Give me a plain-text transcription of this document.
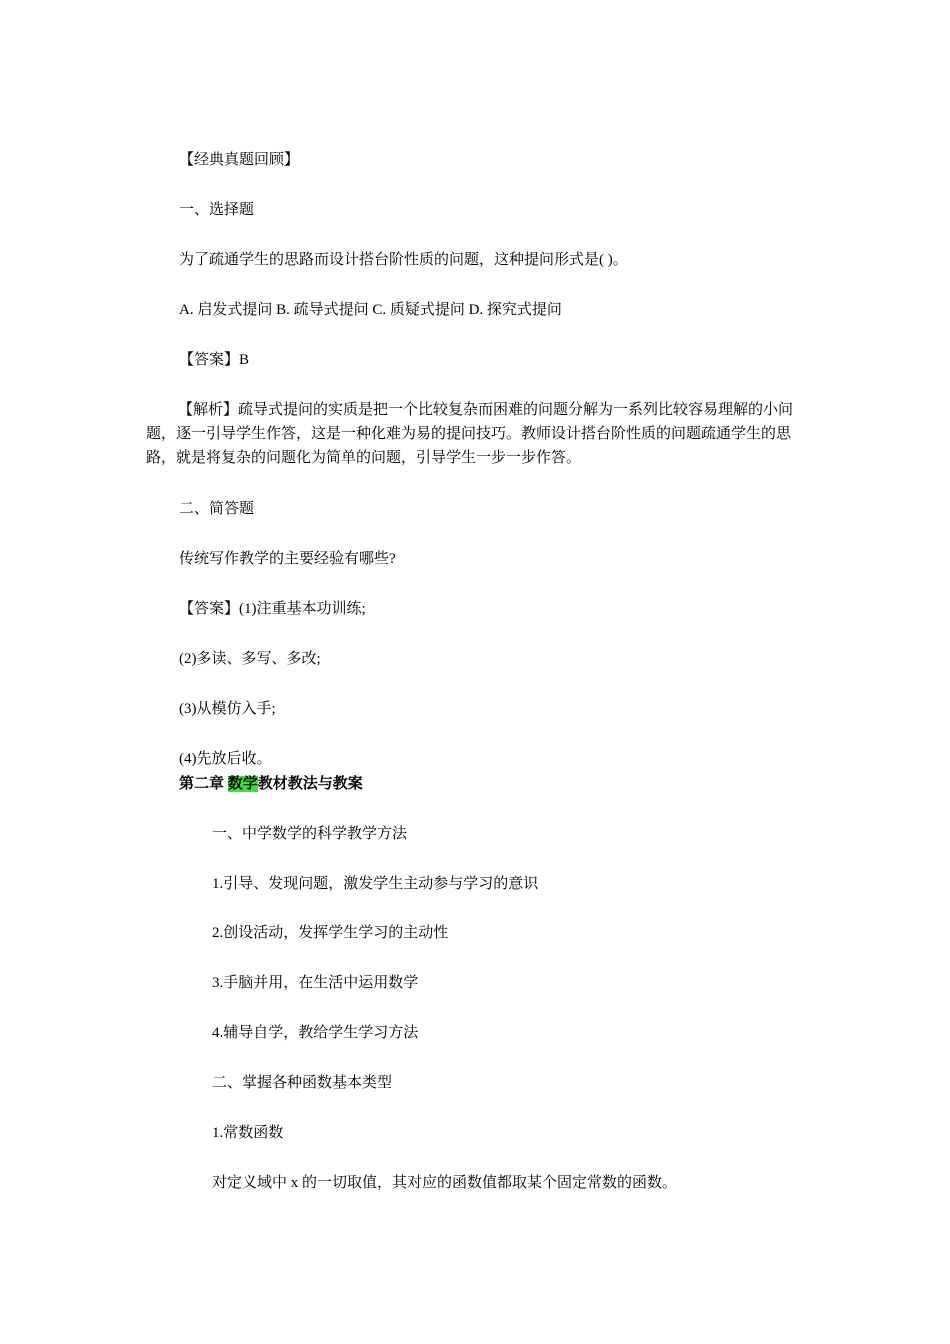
【经典真题回顾】
一、选择题
为了疏通学生的思路而设计搭台阶性质的问题，这种提问形式是( )。
A. 启发式提问 B. 疏导式提问 C. 质疑式提问 D. 探究式提问
【答案】B
【解析】疏导式提问的实质是把一个比较复杂而困难的问题分解为一系列比较容易理解的小问题，逐一引导学生作答，这是一种化难为易的提问技巧。教师设计搭台阶性质的问题疏通学生的思路，就是将复杂的问题化为简单的问题，引导学生一步一步作答。
二、简答题
传统写作教学的主要经验有哪些?
【答案】(1)注重基本功训练;
(2)多读、多写、多改;
(3)从模仿入手;
(4)先放后收。
第二章 数学教材教法与教案
一、中学数学的科学教学方法
1.引导、发现问题，激发学生主动参与学习的意识
2.创设活动，发挥学生学习的主动性
3.手脑并用，在生活中运用数学
4.辅导自学，教给学生学习方法
二、掌握各种函数基本类型
1.常数函数
对定义域中 x 的一切取值，其对应的函数值都取某个固定常数的函数。
